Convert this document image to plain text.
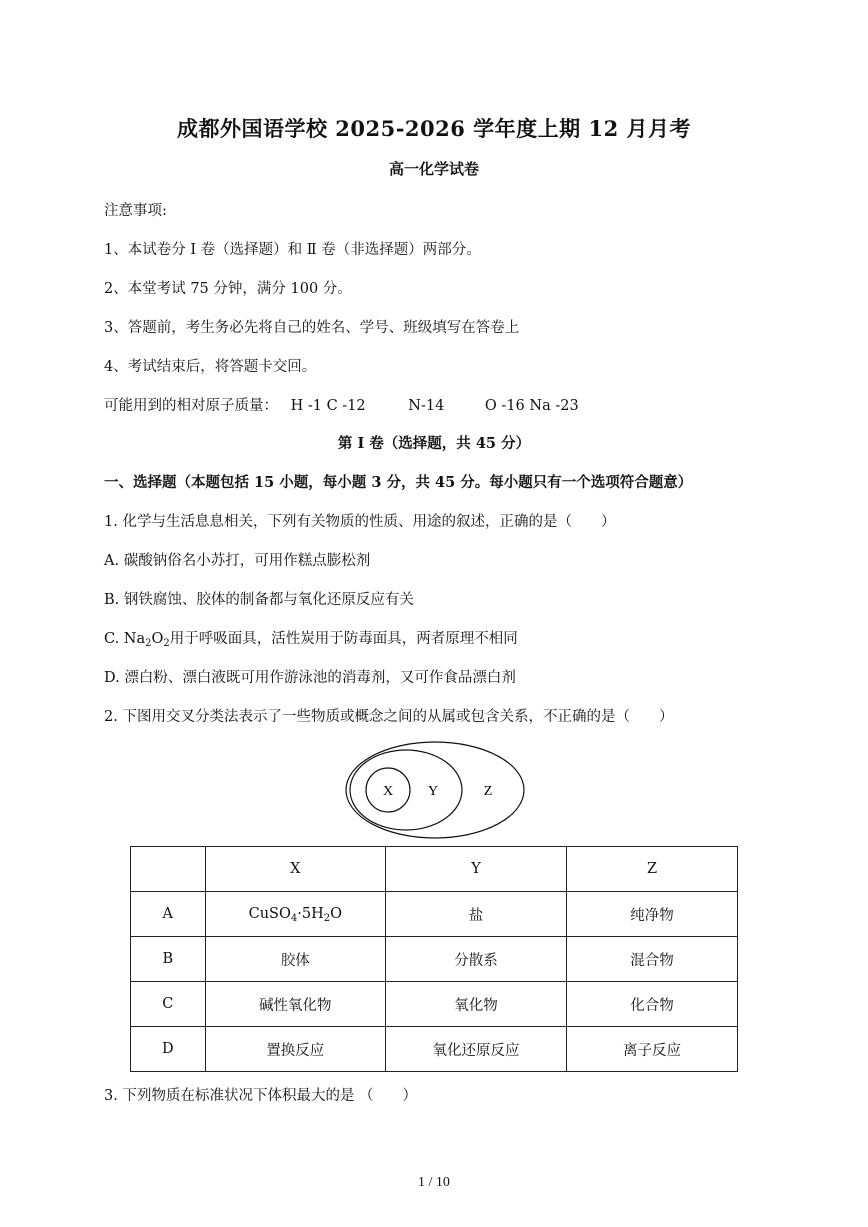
成都外国语学校 2025-2026 学年度上期 12 月月考
高一化学试卷
注意事项:
1、本试卷分 Ⅰ 卷（选择题）和 Ⅱ 卷（非选择题）两部分。
2、本堂考试 75 分钟，满分 100 分。
3、答题前，考生务必先将自己的姓名、学号、班级填写在答卷上
4、考试结束后，将答题卡交回。
可能用到的相对原子质量： H -1 C -12	N-14	O -16 Na -23
第 Ⅰ 卷（选择题，共 45 分）
一、选择题（本题包括 15 小题，每小题 3 分，共 45 分。每小题只有一个选项符合题意）
1. 化学与生活息息相关，下列有关物质的性质、用途的叙述，正确的是（　　）
A. 碳酸钠俗名小苏打，可用作糕点膨松剂
B. 钢铁腐蚀、胶体的制备都与氧化还原反应有关
C. $Na_2O_2$用于呼吸面具，活性炭用于防毒面具，两者原理不相同
D. 漂白粉、漂白液既可用作游泳池的消毒剂，又可作食品漂白剂
2. 下图用交叉分类法表示了一些物质或概念之间的从属或包含关系，不正确的是（　　）
X Y	Z
	X	Y	Z
A	$CuSO_4\cdot 5H_2O$	盐	纯净物
B	胶体	分散系	混合物
C	碱性氧化物	氧化物	化合物
D	置换反应	氧化还原反应	离子反应
3. 下列物质在标准状况下体积最大的是 （　　）
1 / 10
